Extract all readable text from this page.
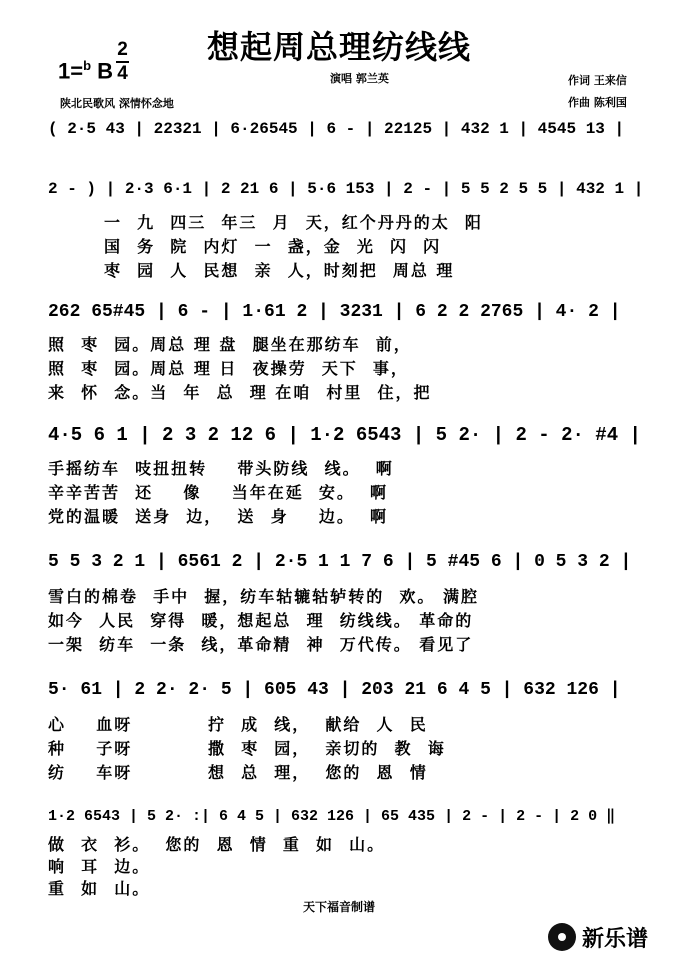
想起周总理纺线线
1=$^b$ B
2
4	演唱 郭兰英	作词 王来信
作曲 陈利国
陕北民歌风 深情怀念地
( 2·5 43 | 22321 | 6·26545 | 6 - | 22125 | 432 1 | 4545 13 |
2 - ) | 2·3 6·1 | 2 21 6 | 5·6 153 | 2 - | 5 5 2 5 5 | 432 1 |
一  九  四三  年三  月  天，红个丹丹的太  阳
国  务  院  内灯  一  盏，金  光  闪  闪
枣  园  人  民想  亲  人，时刻把  周总 理
262 65#45 | 6 - | 1·61 2 | 3231 | 6 2 2 2765 | 4· 2 |
照  枣  园。周总 理 盘  腿坐在那纺车  前，
照  枣  园。周总 理 日  夜操劳  天下  事，
来  怀  念。当  年  总  理 在咱  村里  住，把
4·5 6 1 | 2 3 2 12 6 | 1·2 6543 | 5 2· | 2 - 2· #4 |
手摇纺车  吱扭扭转    带头防线  线。  啊
辛辛苦苦  还    像    当年在延  安。  啊
党的温暖  送身  边，  送  身    边。  啊
5 5 3 2 1 | 6561 2 | 2·5 1 1 7 6 | 5 #45 6 | 0 5 3 2 |
雪白的棉卷  手中  握，纺车轱辘轱轳转的  欢。 满腔
如今  人民  穿得  暖，想起总  理  纺线线。 革命的
一架  纺车  一条  线，革命精  神  万代传。 看见了
5· 61 | 2 2· 2· 5 | 605 43 | 203 21 6 4 5 | 632 126 |
心    血呀          拧  成  线，  献给  人  民
种    子呀          撒  枣  园，  亲切的  教  诲
纺    车呀          想  总  理，  您的  恩  情
1·2 6543 | 5 2· :| 6 4 5 | 632 126 | 65 435 | 2 - | 2 - | 2 0 ‖
做  衣  衫。  您的  恩  情  重  如  山。
响  耳  边。
重  如  山。
天下福音制谱
新乐谱
